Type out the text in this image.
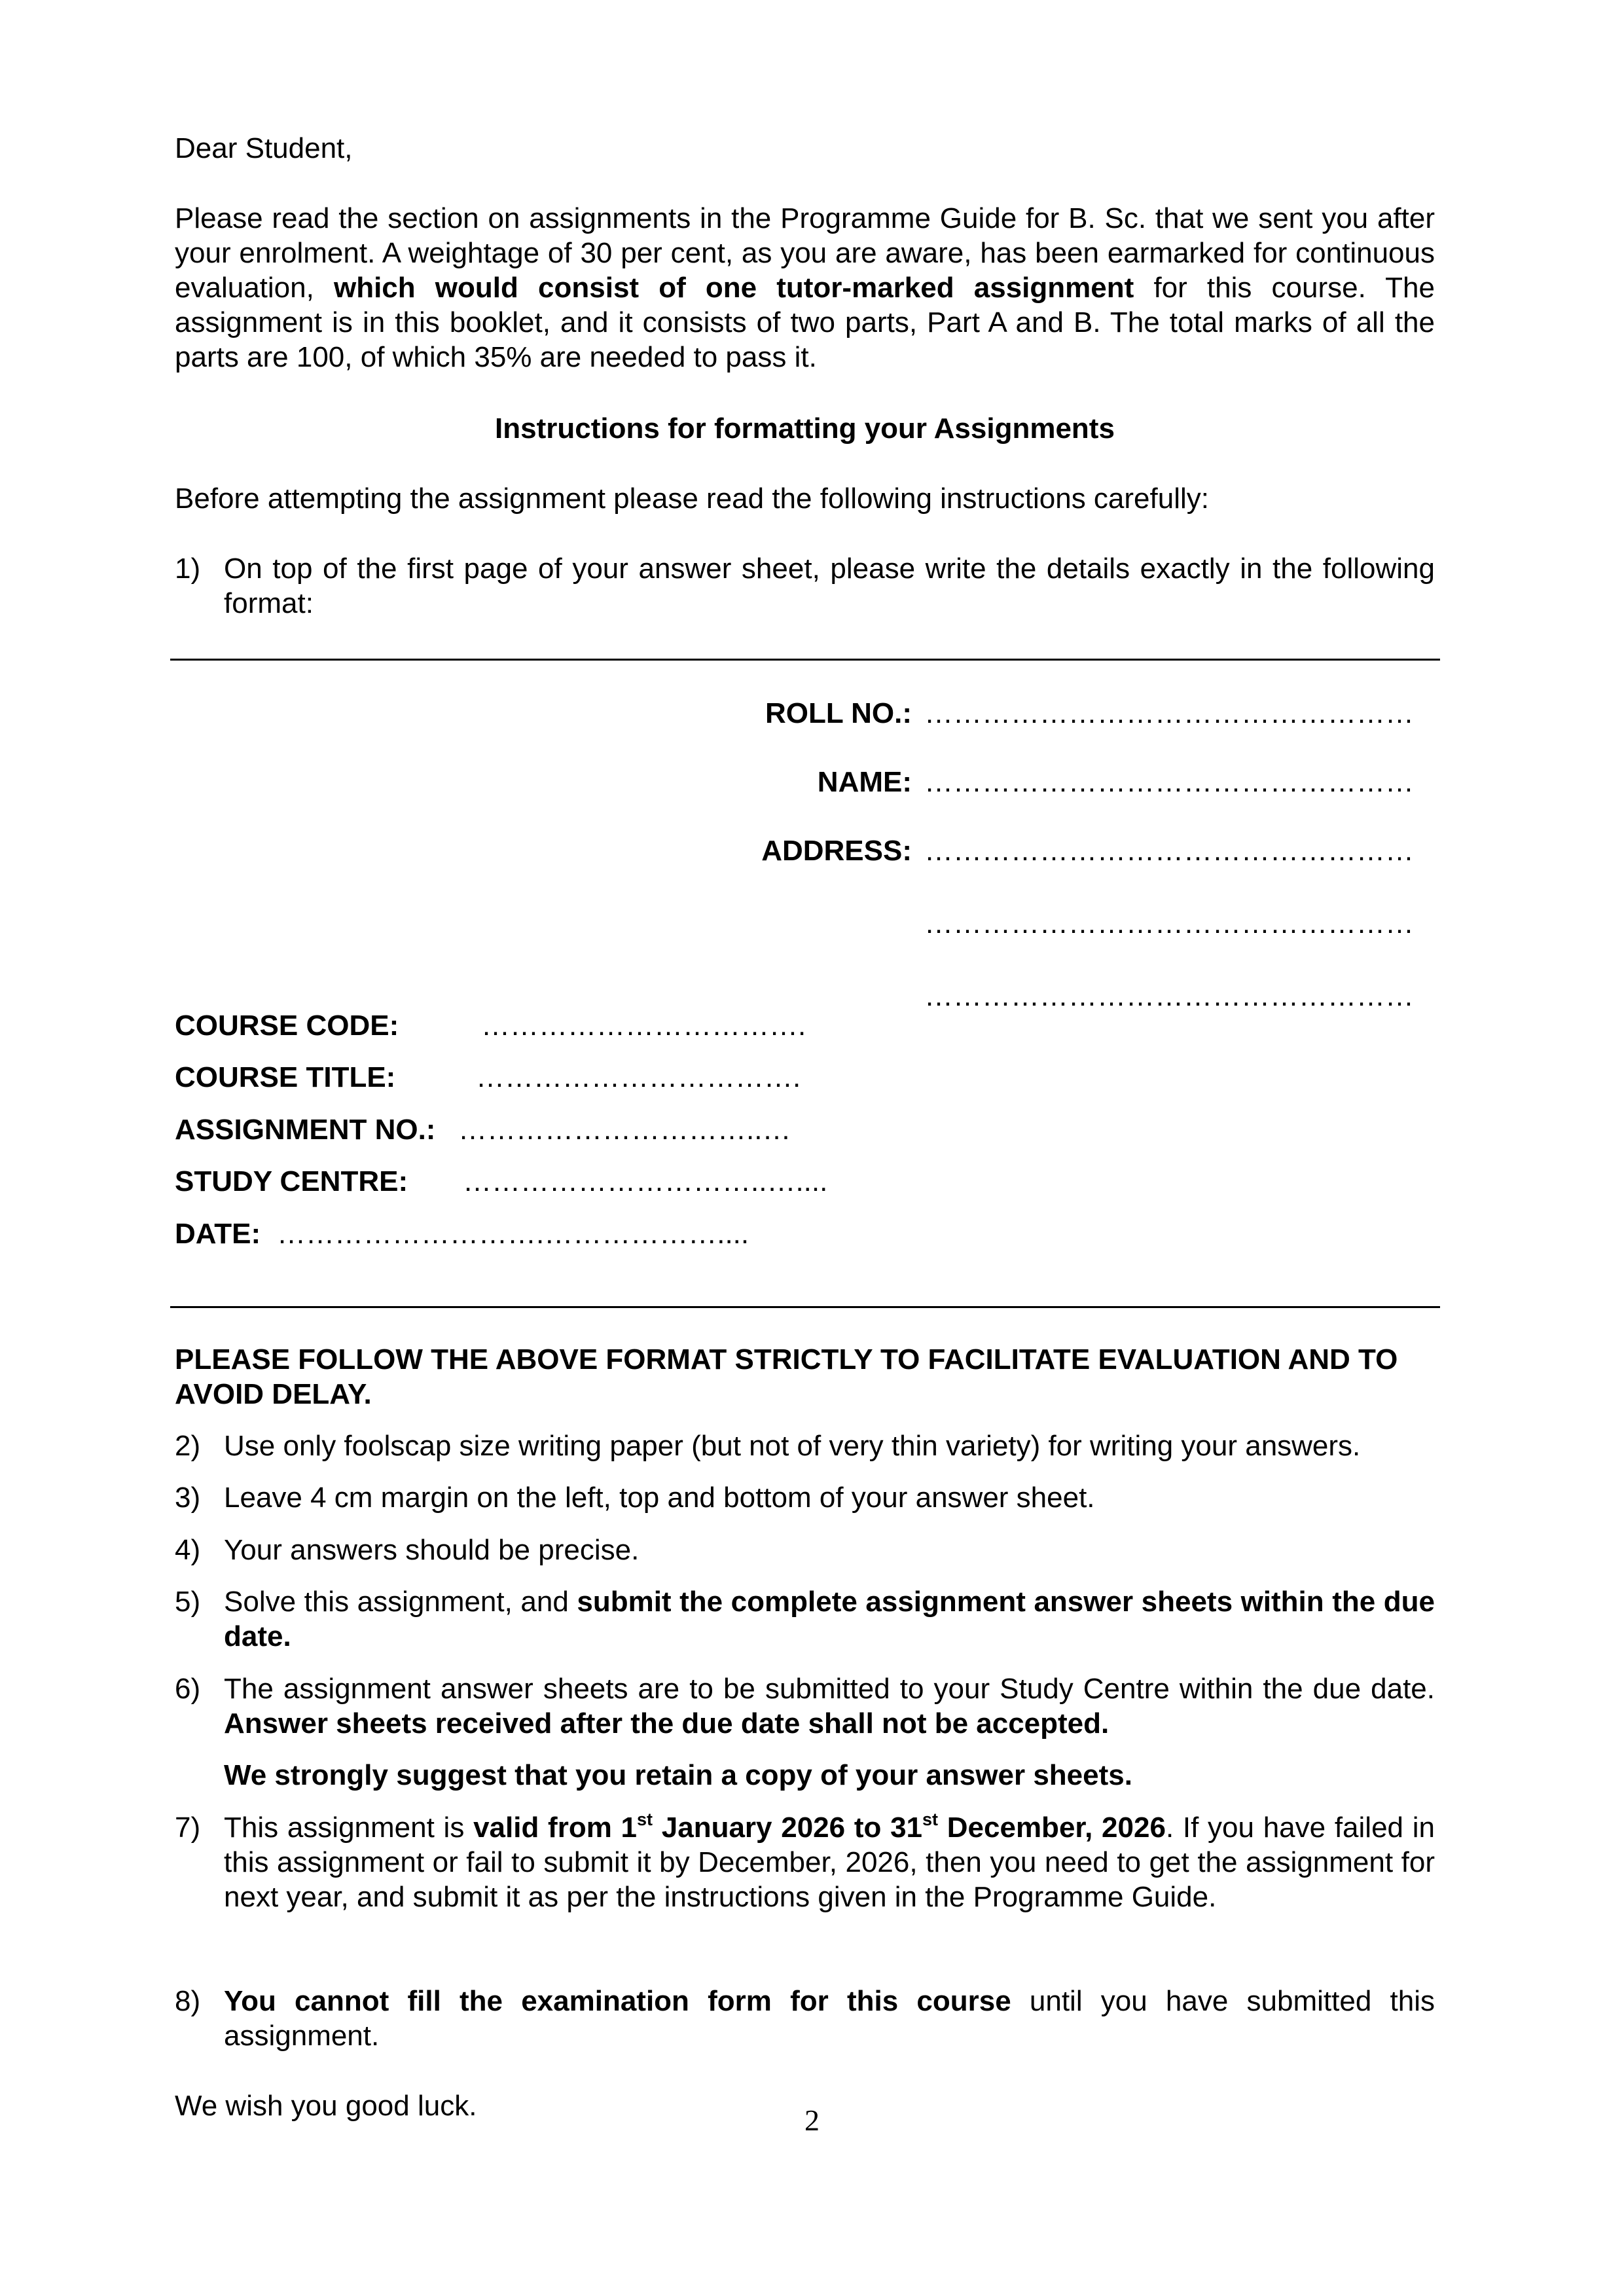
Dear Student,

Please read the section on assignments in the Programme Guide for B. Sc. that we sent you after your enrolment. A weightage of 30 per cent, as you are aware, has been earmarked for continuous evaluation, which would consist of one tutor-marked assignment for this course. The assignment is in this booklet, and it consists of two parts, Part A and B. The total marks of all the parts are 100, of which 35% are needed to pass it.

Instructions for formatting your Assignments

Before attempting the assignment please read the following instructions carefully:

1) On top of the first page of your answer sheet, please write the details exactly in the following format:
ROLL NO.: ……………………………………………
NAME: ……………………………………………
ADDRESS: ……………………………………………
……………………………………………
……………………………………………
COURSE CODE:	…………………………….
COURSE TITLE:	…………………………….
ASSIGNMENT NO.: …………………………..…
STUDY CENTRE: …………………………..…....
DATE: ……………………….………………....

PLEASE FOLLOW THE ABOVE FORMAT STRICTLY TO FACILITATE EVALUATION AND TO AVOID DELAY.

2) Use only foolscap size writing paper (but not of very thin variety) for writing your answers.
3) Leave 4 cm margin on the left, top and bottom of your answer sheet.
4) Your answers should be precise.
5) Solve this assignment, and submit the complete assignment answer sheets within the due date.
6) The assignment answer sheets are to be submitted to your Study Centre within the due date. Answer sheets received after the due date shall not be accepted.
We strongly suggest that you retain a copy of your answer sheets.
7) This assignment is valid from 1st January 2026 to 31st December, 2026. If you have failed in this assignment or fail to submit it by December, 2026, then you need to get the assignment for next year, and submit it as per the instructions given in the Programme Guide.
8) You cannot fill the examination form for this course until you have submitted this assignment.

We wish you good luck.	2
